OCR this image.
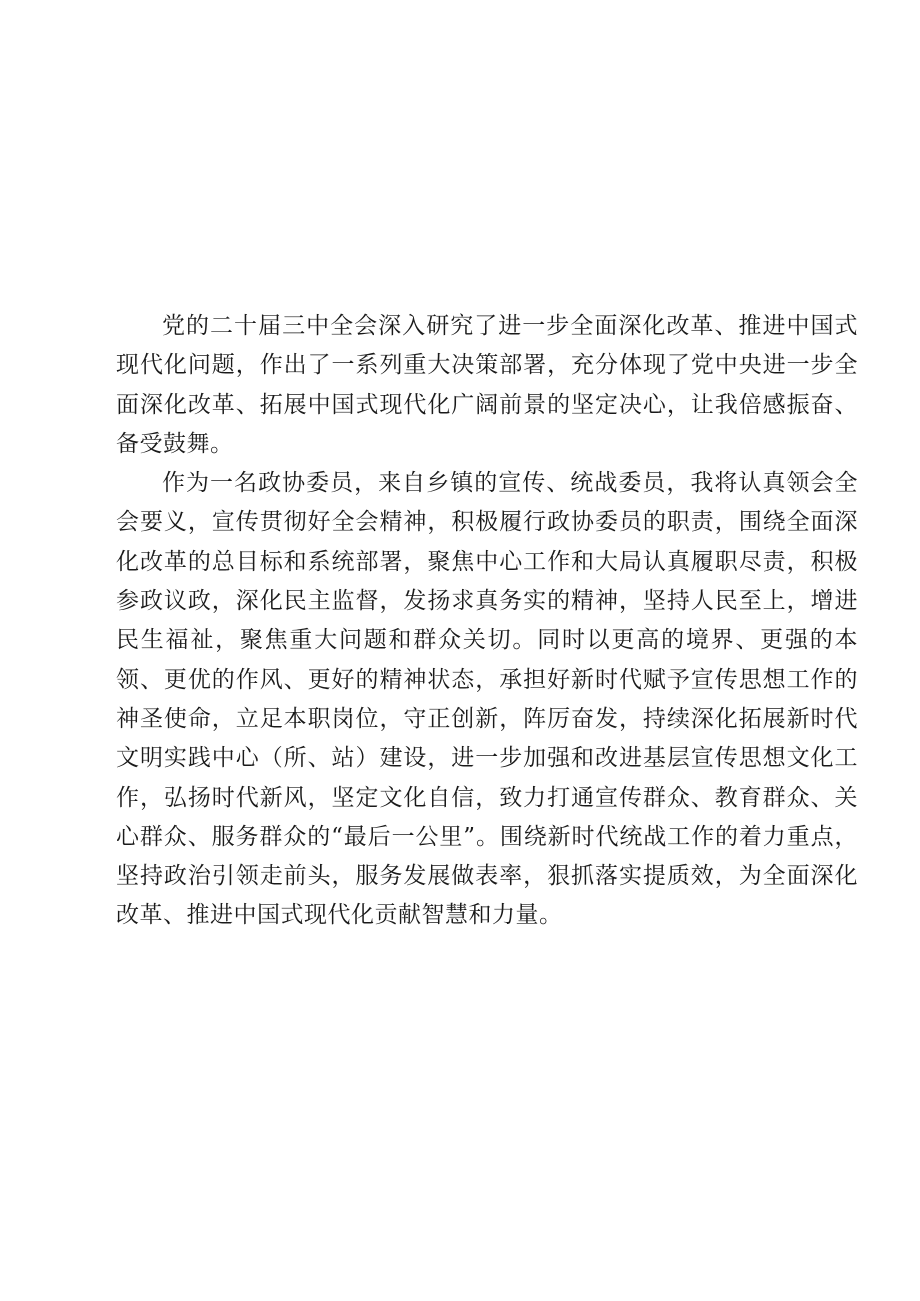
党的二十届三中全会深入研究了进一步全面深化改革、推进中国式现代化问题，作出了一系列重大决策部署，充分体现了党中央进一步全面深化改革、拓展中国式现代化广阔前景的坚定决心，让我倍感振奋、备受鼓舞。

作为一名政协委员，来自乡镇的宣传、统战委员，我将认真领会全会要义，宣传贯彻好全会精神，积极履行政协委员的职责，围绕全面深化改革的总目标和系统部署，聚焦中心工作和大局认真履职尽责，积极参政议政，深化民主监督，发扬求真务实的精神，坚持人民至上，增进民生福祉，聚焦重大问题和群众关切。同时以更高的境界、更强的本领、更优的作风、更好的精神状态，承担好新时代赋予宣传思想工作的神圣使命，立足本职岗位，守正创新，阵厉奋发，持续深化拓展新时代文明实践中心（所、站）建设，进一步加强和改进基层宣传思想文化工作，弘扬时代新风，坚定文化自信，致力打通宣传群众、教育群众、关心群众、服务群众的“最后一公里”。围绕新时代统战工作的着力重点，坚持政治引领走前头，服务发展做表率，狠抓落实提质效，为全面深化改革、推进中国式现代化贡献智慧和力量。
